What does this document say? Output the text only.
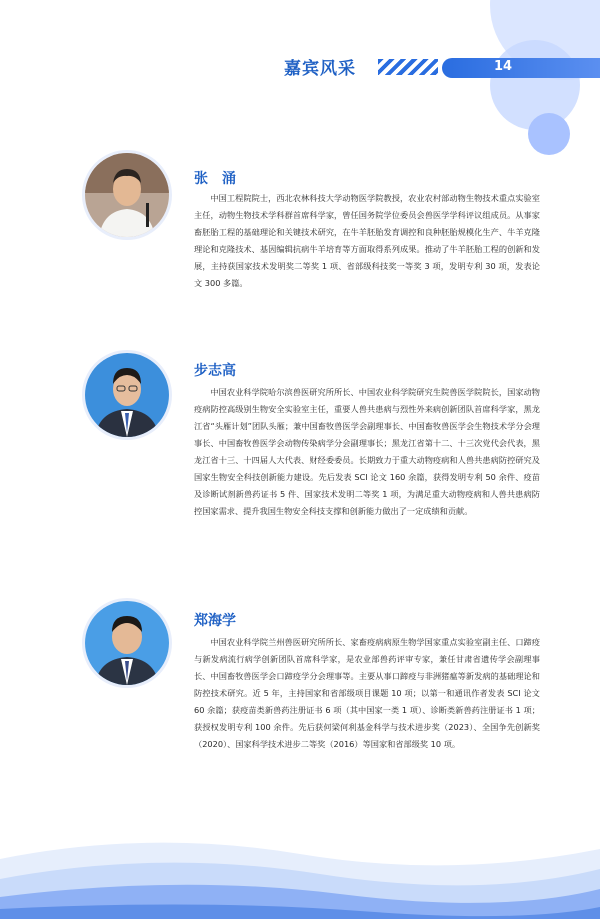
嘉宾风采	14
张　涌
中国工程院院士，西北农林科技大学动物医学院教授，农业农村部动物生物技术重点实验室主任，动物生物技术学科群首席科学家，曾任国务院学位委员会兽医学学科评议组成员。从事家畜胚胎工程的基础理论和关键技术研究，在牛羊胚胎发育调控和良种胚胎规模化生产、牛羊克隆理论和克隆技术、基因编辑抗病牛羊培育等方面取得系列成果。推动了牛羊胚胎工程的创新和发展，主持获国家技术发明奖二等奖 1 项、省部级科技奖一等奖 3 项，发明专利 30 项，发表论文 300 多篇。
步志高
中国农业科学院哈尔滨兽医研究所所长、中国农业科学院研究生院兽医学院院长，国家动物疫病防控高级别生物安全实验室主任，重要人兽共患病与烈性外来病创新团队首席科学家，黑龙江省“头雁计划”团队头雁；兼中国畜牧兽医学会副理事长、中国畜牧兽医学会生物技术学分会理事长、中国畜牧兽医学会动物传染病学分会副理事长；黑龙江省第十二、十三次党代会代表，黑龙江省十三、十四届人大代表、财经委委员。长期致力于重大动物疫病和人兽共患病防控研究及国家生物安全科技创新能力建设。先后发表 SCI 论文 160 余篇，获得发明专利 50 余件、疫苗及诊断试剂新兽药证书 5 件、国家技术发明二等奖 1 项，为满足重大动物疫病和人兽共患病防控国家需求、提升我国生物安全科技支撑和创新能力做出了一定成绩和贡献。
郑海学
中国农业科学院兰州兽医研究所所长、家畜疫病病原生物学国家重点实验室副主任、口蹄疫与新发病流行病学创新团队首席科学家，是农业部兽药评审专家，兼任甘肃省遗传学会副理事长、中国畜牧兽医学会口蹄疫学分会理事等。主要从事口蹄疫与非洲猪瘟等新发病的基础理论和防控技术研究。近 5 年，主持国家和省部级项目课题 10 项；以第一和通讯作者发表 SCI 论文 60 余篇；获疫苗类新兽药注册证书 6 项（其中国家一类 1 项）、诊断类新兽药注册证书 1 项；获授权发明专利 100 余件。先后获何梁何利基金科学与技术进步奖（2023）、全国争先创新奖（2020）、国家科学技术进步二等奖（2016）等国家和省部级奖 10 项。
